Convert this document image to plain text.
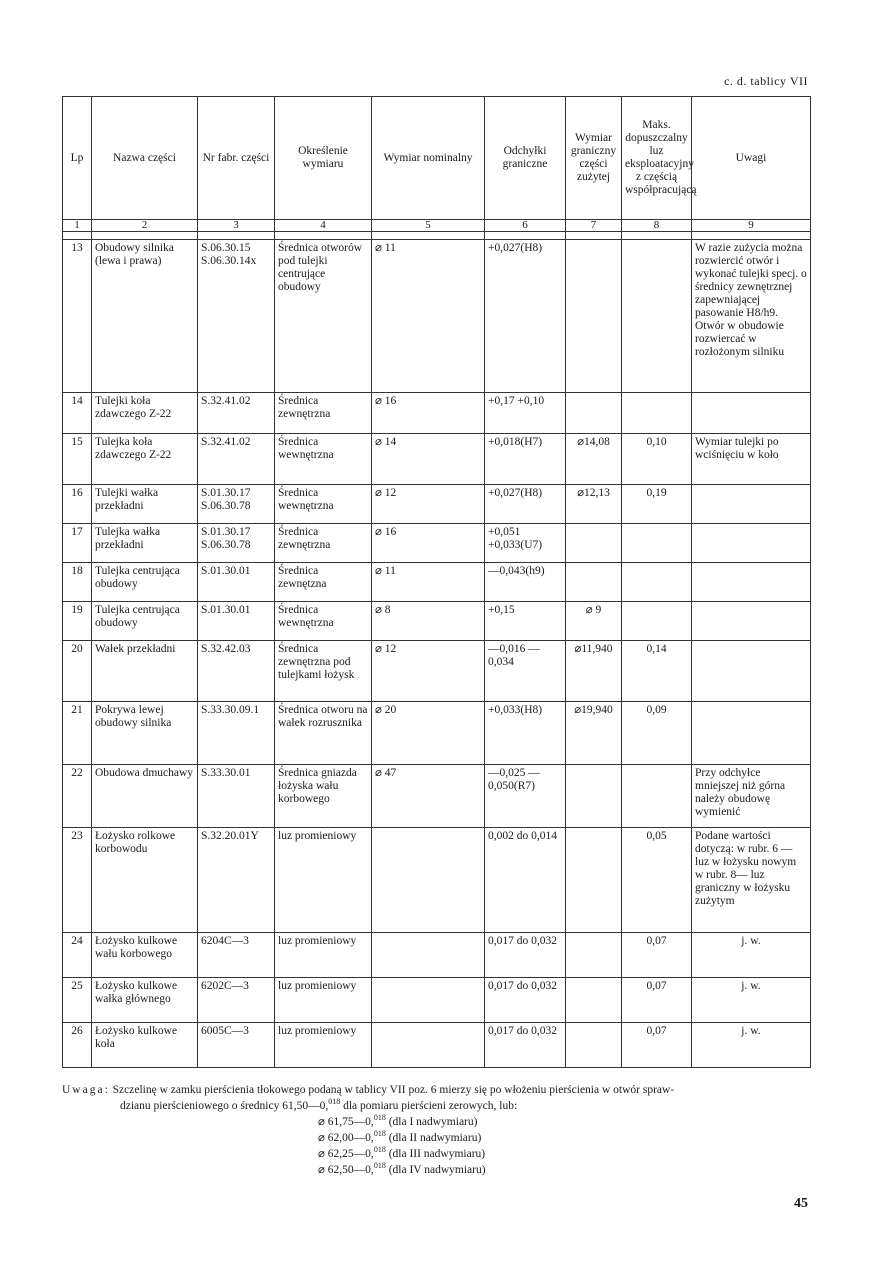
c. d. tablicy VII
Lp	Nazwa części	Nr fabr. części	Określenie wymiaru	Wymiar nominalny	Odchyłki graniczne	Wymiar graniczny części zużytej	Maks. dopuszczalny luz eksploatacyjny z częścią współpracującą	Uwagi
1	2	3	4	5	6	7	8	9

13	Obudowy silnika (lewa i prawa)	S.06.30.15 S.06.30.14x	Średnica otworów pod tulejki centrujące obudowy	⌀ 11	+0,027(H8)			W razie zużycia można rozwiercić otwór i wykonać tulejki specj. o średnicy zewnętrznej zapewniającej pasowanie H8/h9. Otwór w obudowie rozwiercać w rozłożonym silniku
14	Tulejki koła zdawczego Z-22	S.32.41.02	Średnica zewnętrzna	⌀ 16	+0,17 +0,10			
15	Tulejka koła zdawczego Z-22	S.32.41.02	Średnica wewnętrzna	⌀ 14	+0,018(H7)	⌀14,08	0,10	Wymiar tulejki po wciśnięciu w koło
16	Tulejki wałka przekładni	S.01.30.17 S.06.30.78	Średnica wewnętrzna	⌀ 12	+0,027(H8)	⌀12,13	0,19	
17	Tulejka wałka przekładni	S.01.30.17 S.06.30.78	Średnica zewnętrzna	⌀ 16	+0,051 +0,033(U7)			
18	Tulejka centrująca obudowy	S.01.30.01	Średnica zewnętzna	⌀ 11	—0,043(h9)			
19	Tulejka centrująca obudowy	S.01.30.01	Średnica wewnętrzna	⌀ 8	+0,15	⌀ 9		
20	Wałek przekładni	S.32.42.03	Średnica zewnętrzna pod tulejkami łożysk	⌀ 12	—0,016 —0,034	⌀11,940	0,14	
21	Pokrywa lewej obudowy silnika	S.33.30.09.1	Średnica otworu na wałek rozrusznika	⌀ 20	+0,033(H8)	⌀19,940	0,09	
22	Obudowa dmuchawy	S.33.30.01	Średnica gniazda łożyska wału korbowego	⌀ 47	—0,025 —0,050(R7)			Przy odchyłce mniejszej niż górna należy obudowę wymienić
23	Łożysko rolkowe korbowodu	S.32.20.01Y	luz promieniowy		0,002 do 0,014		0,05	Podane wartości dotyczą: w rubr. 6 — luz w łożysku nowym w rubr. 8— luz graniczny w łożysku zużytym
24	Łożysko kulkowe wału korbowego	6204C—3	luz promieniowy		0,017 do 0,032		0,07	j. w.
25	Łożysko kulkowe wałka głównego	6202C—3	luz promieniowy		0,017 do 0,032		0,07	j. w.
26	Łożysko kulkowe koła	6005C—3	luz promieniowy		0,017 do 0,032		0,07	j. w.
Uwaga: Szczelinę w zamku pierścienia tłokowego podaną w tablicy VII poz. 6 mierzy się po włożeniu pierścienia w otwór spraw-
dzianu pierścieniowego o średnicy 61,50—0,$^{018}$ dla pomiaru pierścieni zerowych, lub:
⌀ 61,75—0,$^{018}$ (dla I nadwymiaru)
⌀ 62,00—0,$^{018}$ (dla II nadwymiaru)
⌀ 62,25—0,$^{018}$ (dla III nadwymiaru)
⌀ 62,50—0,$^{018}$ (dla IV nadwymiaru)
45
